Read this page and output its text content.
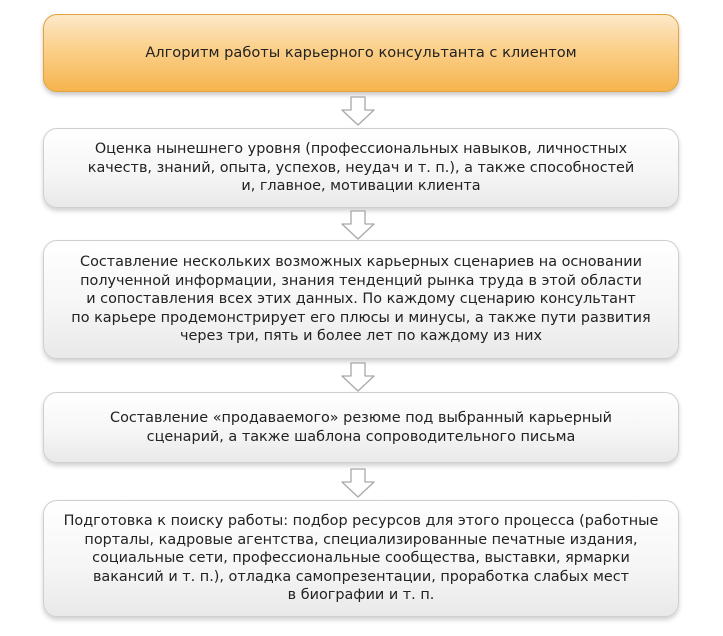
Алгоритм работы карьерного консультанта с клиентом
Оценка нынешнего уровня (профессиональных навыков, личностных
качеств, знаний, опыта, успехов, неудач и т. п.), а также способностей
и, главное, мотивации клиента
Составление нескольких возможных карьерных сценариев на основании
полученной информации, знания тенденций рынка труда в этой области
и сопоставления всех этих данных. По каждому сценарию консультант
по карьере продемонстрирует его плюсы и минусы, а также пути развития
через три, пять и более лет по каждому из них
Составление «продаваемого» резюме под выбранный карьерный
сценарий, а также шаблона сопроводительного письма
Подготовка к поиску работы: подбор ресурсов для этого процесса (работные
порталы, кадровые агентства, специализированные печатные издания,
социальные сети, профессиональные сообщества, выставки, ярмарки
вакансий и т. п.), отладка самопрезентации, проработка слабых мест
в биографии и т. п.
